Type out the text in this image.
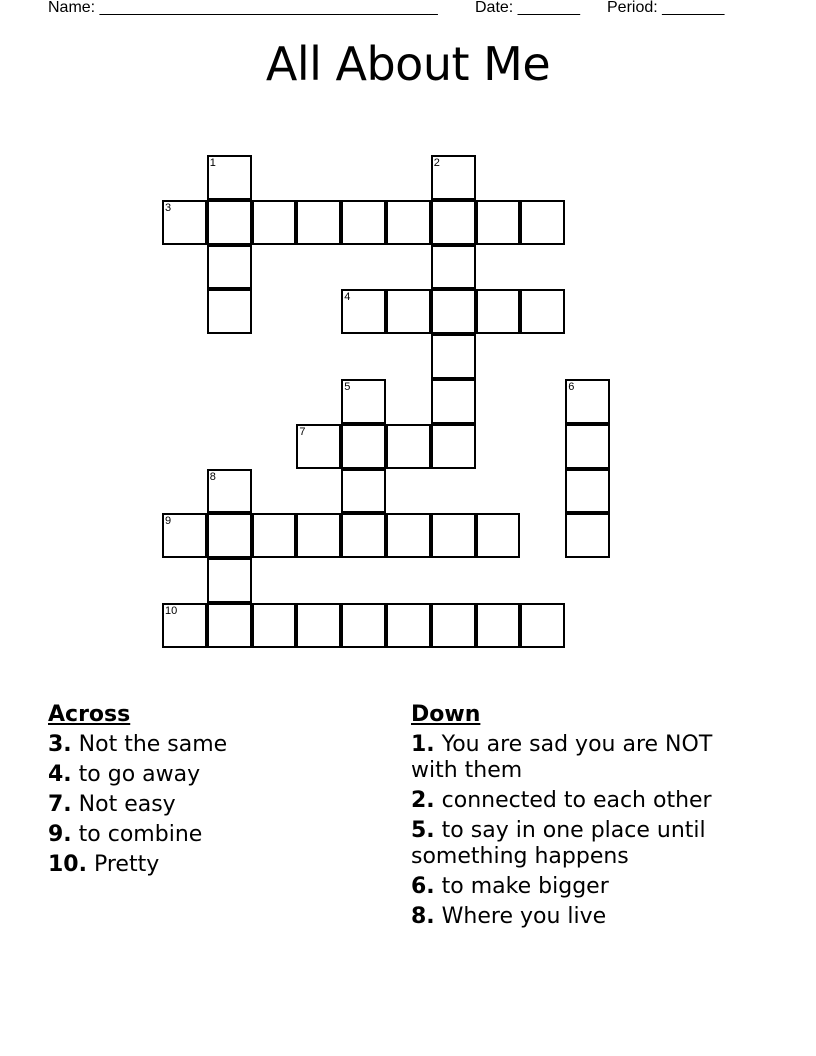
Name: ______________________________________ Date: _______ Period: _______
All About Me
1	2
3
4
5	6
7
8
9
10
Across
3. Not the same
4. to go away
7. Not easy
9. to combine
10. Pretty
Down
1. You are sad you are NOT with them
2. connected to each other
5. to say in one place until something happens
6. to make bigger
8. Where you live
